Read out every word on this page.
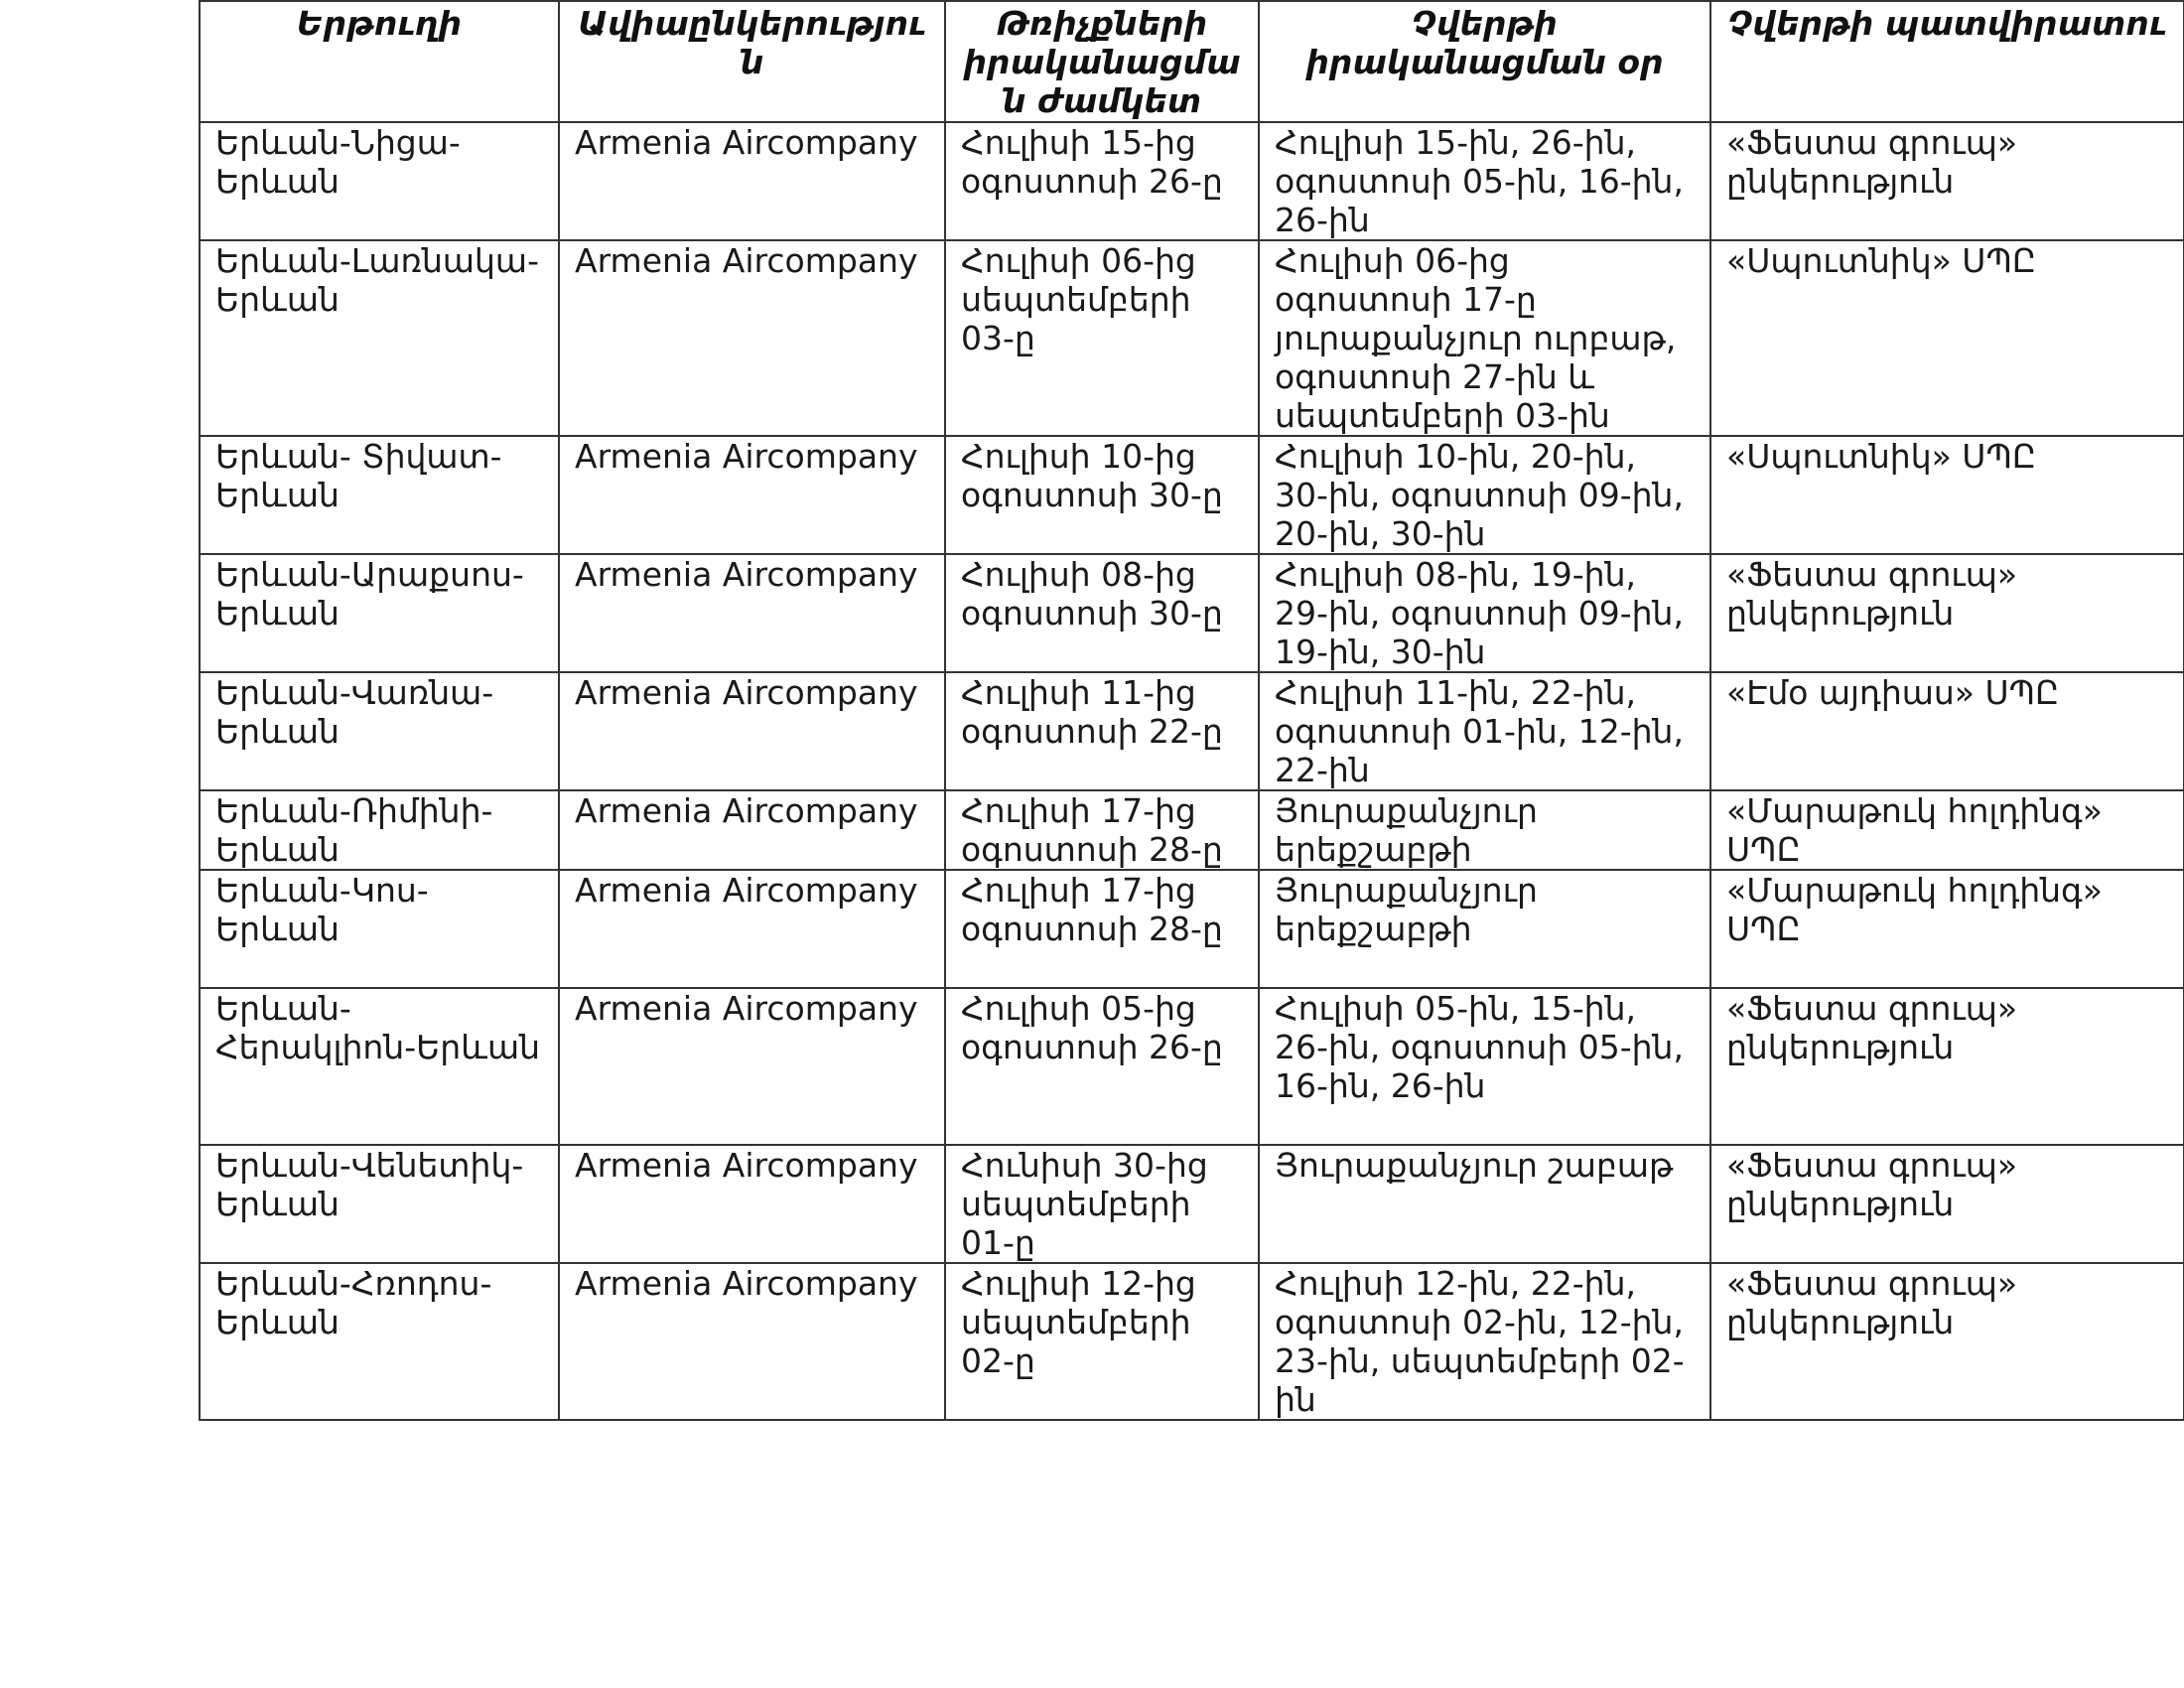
Երթուղի	Ավիաընկերություն	Թռիչքների իրականացման ժամկետ	Չվերթի իրականացման օր	Չվերթի պատվիրատու
Երևան-Նիցա-Երևան	Armenia Aircompany	Հուլիսի 15-ից օգոստոսի 26-ը	Հուլիսի 15-ին, 26-ին, օգոստոսի 05-ին, 16-ին, 26-ին	«Ֆեստա գրուպ» ընկերություն
Երևան-Լառնակա-Երևան	Armenia Aircompany	Հուլիսի 06-ից սեպտեմբերի 03-ը	Հուլիսի 06-ից օգոստոսի 17-ը յուրաքանչյուր ուրբաթ, օգոստոսի 27-ին և սեպտեմբերի 03-ին	«Սպուտնիկ» ՍՊԸ
Երևան- Տիվատ-Երևան	Armenia Aircompany	Հուլիսի 10-ից օգոստոսի 30-ը	Հուլիսի 10-ին, 20-ին, 30-ին, օգոստոսի 09-ին, 20-ին, 30-ին	«Սպուտնիկ» ՍՊԸ
Երևան-Արաքսոս-Երևան	Armenia Aircompany	Հուլիսի 08-ից օգոստոսի 30-ը	Հուլիսի 08-ին, 19-ին, 29-ին, օգոստոսի 09-ին, 19-ին, 30-ին	«Ֆեստա գրուպ» ընկերություն
Երևան-Վառնա-Երևան	Armenia Aircompany	Հուլիսի 11-ից օգոստոսի 22-ը	Հուլիսի 11-ին, 22-ին, օգոստոսի 01-ին, 12-ին, 22-ին	«Էմօ այդիաս» ՍՊԸ
Երևան-Ռիմինի-Երևան	Armenia Aircompany	Հուլիսի 17-ից օգոստոսի 28-ը	Յուրաքանչյուր երեքշաբթի	«Մարաթուկ հոլդինգ» ՍՊԸ
Երևան-Կոս-Երևան	Armenia Aircompany	Հուլիսի 17-ից օգոստոսի 28-ը	Յուրաքանչյուր երեքշաբթի	«Մարաթուկ հոլդինգ» ՍՊԸ
Երևան-Հերակլիոն-Երևան	Armenia Aircompany	Հուլիսի 05-ից օգոստոսի 26-ը	Հուլիսի 05-ին, 15-ին, 26-ին, օգոստոսի 05-ին, 16-ին, 26-ին	«Ֆեստա գրուպ» ընկերություն
Երևան-Վենետիկ-Երևան	Armenia Aircompany	Հունիսի 30-ից սեպտեմբերի 01-ը	Յուրաքանչյուր շաբաթ	«Ֆեստա գրուպ» ընկերություն
Երևան-Հռոդոս-Երևան	Armenia Aircompany	Հուլիսի 12-ից սեպտեմբերի 02-ը	Հուլիսի 12-ին, 22-ին, օգոստոսի 02-ին, 12-ին, 23-ին, սեպտեմբերի 02-ին	«Ֆեստա գրուպ» ընկերություն
